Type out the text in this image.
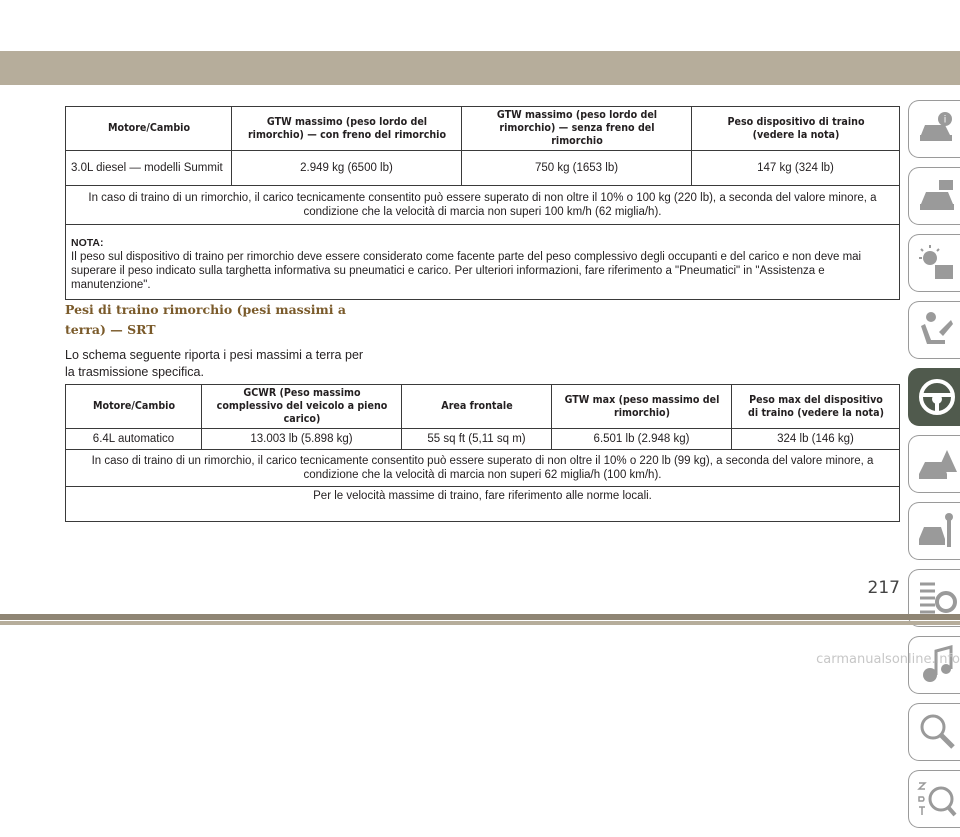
Motore/Cambio	GTW massimo (peso lordo del rimorchio) — con freno del rimorchio	GTW massimo (peso lordo del rimorchio) — senza freno del rimorchio	Peso dispositivo di traino (vedere la nota)
3.0L diesel — modelli Summit	2.949 kg (6500 lb)	750 kg (1653 lb)	147 kg (324 lb)
In caso di traino di un rimorchio, il carico tecnicamente consentito può essere superato di non oltre il 10% o 100 kg (220 lb), a seconda del valore minore, a condizione che la velocità di marcia non superi 100 km/h (62 miglia/h).			

NOTA:
Il peso sul dispositivo di traino per rimorchio deve essere considerato come facente parte del peso complessivo degli occupanti e del carico e non deve mai superare il peso indicato sulla targhetta informativa su pneumatici e carico. Per ulteriori informazioni, fare riferimento a "Pneumatici" in "Assistenza e manutenzione".			
Pesi di traino rimorchio (pesi massimi a terra) — SRT
Lo schema seguente riporta i pesi massimi a terra per la trasmissione specifica.
Motore/Cambio	GCWR (Peso massimo complessivo del veicolo a pieno carico)	Area frontale	GTW max (peso massimo del rimorchio)	Peso max del dispositivo di traino (vedere la nota)
6.4L automatico	13.003 lb (5.898 kg)	55 sq ft (5,11 sq m)	6.501 lb (2.948 kg)	324 lb (146 kg)
In caso di traino di un rimorchio, il carico tecnicamente consentito può essere superato di non oltre il 10% o 220 lb (99 kg), a seconda del valore minore, a condizione che la velocità di marcia non superi 62 miglia/h (100 km/h).				
Per le velocità massime di traino, fare riferimento alle norme locali.				
i
217
carmanualsonline.info
